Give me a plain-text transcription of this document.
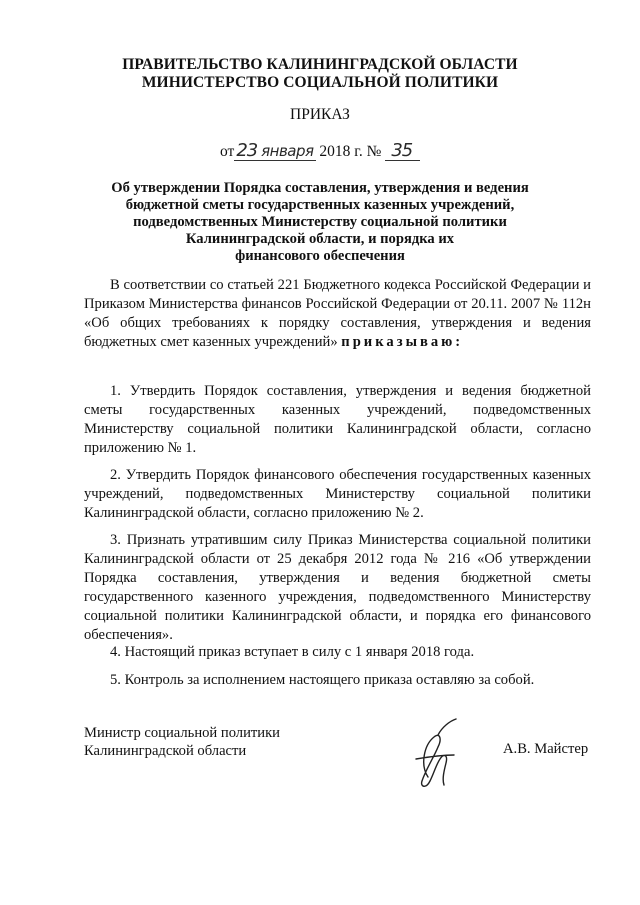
ПРАВИТЕЛЬСТВО КАЛИНИНГРАДСКОЙ ОБЛАСТИ
МИНИСТЕРСТВО СОЦИАЛЬНОЙ ПОЛИТИКИ
ПРИКАЗ
от 23 января 2018 г. № 35
Об утверждении Порядка составления, утверждения и ведения
бюджетной сметы государственных казенных учреждений,
подведомственных Министерству социальной политики
Калининградской области, и порядка их
финансового обеспечения
В соответствии со статьей 221 Бюджетного кодекса Российской Федерации и Приказом Министерства финансов Российской Федерации от 20.11. 2007 № 112н «Об общих требованиях к порядку составления, утверждения и ведения бюджетных смет казенных учреждений» приказываю:
1. Утвердить Порядок составления, утверждения и ведения бюджетной сметы государственных казенных учреждений, подведомственных Министерству социальной политики Калининградской области, согласно приложению № 1.
2. Утвердить Порядок финансового обеспечения государственных казенных учреждений, подведомственных Министерству социальной политики Калининградской области, согласно приложению № 2.
3. Признать утратившим силу Приказ Министерства социальной политики Калининградской области от 25 декабря 2012 года № 216 «Об утверждении Порядка составления, утверждения и ведения бюджетной сметы государственного казенного учреждения, подведомственного Министерству социальной политики Калининградской области, и порядка его финансового обеспечения».
4. Настоящий приказ вступает в силу с 1 января 2018 года.
5. Контроль за исполнением настоящего приказа оставляю за собой.
Министр социальной политики
Калининградской области	А.В. Майстер
